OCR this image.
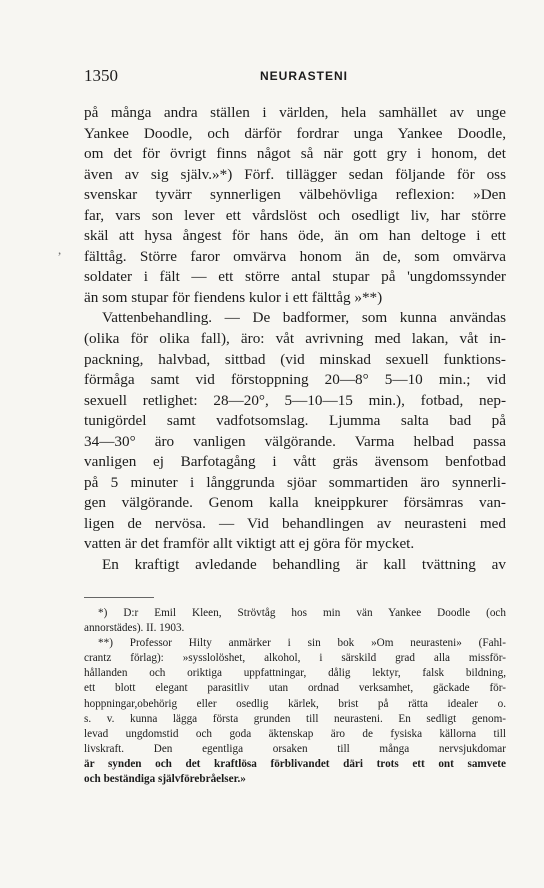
1350	NEURASTENI
,
på många andra ställen i världen, hela samhället av unge
Yankee Doodle, och därför fordrar unga Yankee Doodle,
om det för övrigt finns något så när gott gry i honom, det
även av sig själv.»*) Förf. tillägger sedan följande för oss
svenskar tyvärr synnerligen välbehövliga reflexion: »Den
far, vars son lever ett vårdslöst och osedligt liv, har större
skäl att hysa ångest för hans öde, än om han deltoge i ett
fälttåg. Större faror omvärva honom än de, som omvärva
soldater i fält — ett större antal stupar på 'ungdomssynder
än som stupar för fiendens kulor i ett fälttåg »**)
Vattenbehandling. — De badformer, som kunna användas
(olika för olika fall), äro: våt avrivning med lakan, våt in-
packning, halvbad, sittbad (vid minskad sexuell funktions-
förmåga samt vid förstoppning 20—8° 5—10 min.; vid
sexuell retlighet: 28—20°, 5—10—15 min.), fotbad, nep-
tunigördel samt vadfotsomslag. Ljumma salta bad på
34—30° äro vanligen välgörande. Varma helbad passa
vanligen ej Barfotagång i vått gräs ävensom benfotbad
på 5 minuter i långgrunda sjöar sommartiden äro synnerli-
gen välgörande. Genom kalla kneippkurer försämras van-
ligen de nervösa. — Vid behandlingen av neurasteni med
vatten är det framför allt viktigt att ej göra för mycket.
En kraftigt avledande behandling är kall tvättning av
*) D:r Emil Kleen, Strövtåg hos min vän Yankee Doodle (och
annorstädes). II. 1903.
**) Professor Hilty anmärker i sin bok »Om neurasteni» (Fahl-
crantz förlag): »sysslolöshet, alkohol, i särskild grad alla missför-
hållanden och oriktiga uppfattningar, dålig lektyr, falsk bildning,
ett blott elegant parasitliv utan ordnad verksamhet, gäckade för-
hoppningar,obehörig eller osedlig kärlek, brist på rätta idealer o.
s. v. kunna lägga första grunden till neurasteni. En sedligt genom-
levad ungdomstid och goda äktenskap äro de fysiska källorna till
livskraft. Den egentliga orsaken till många nervsjukdomar
är synden och det kraftlösa förblivandet däri trots ett ont samvete
och beständiga självförebråelser.»
